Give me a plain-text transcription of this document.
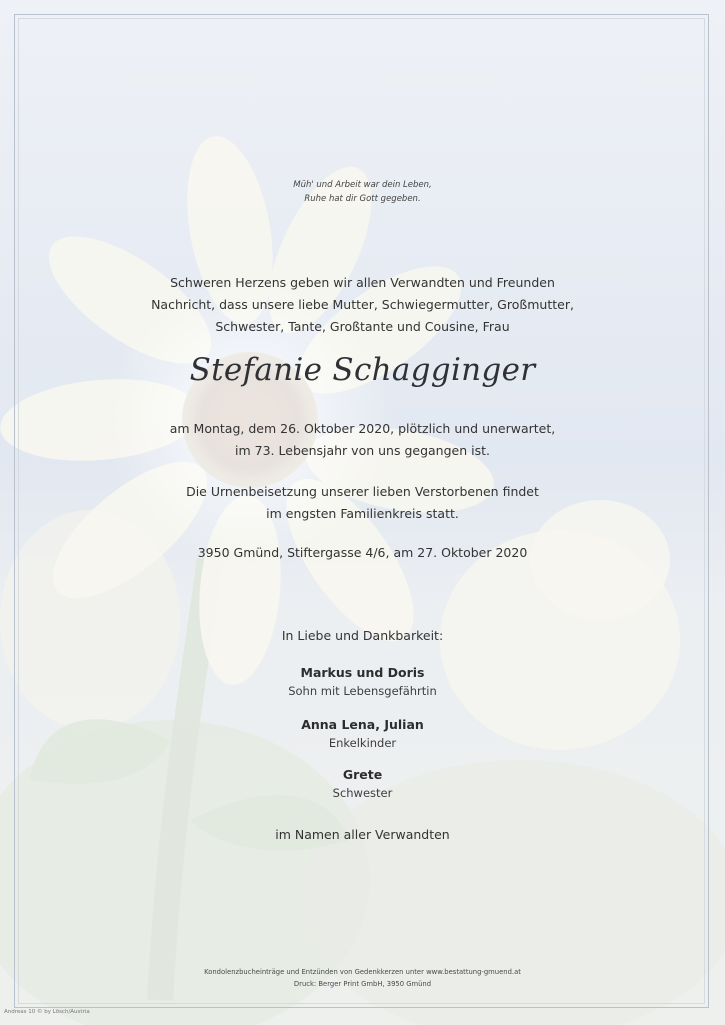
Müh' und Arbeit war dein Leben,
Ruhe hat dir Gott gegeben.
Schweren Herzens geben wir allen Verwandten und Freunden
Nachricht, dass unsere liebe Mutter, Schwiegermutter, Großmutter,
Schwester, Tante, Großtante und Cousine, Frau
Stefanie Schagginger
am Montag, dem 26. Oktober 2020, plötzlich und unerwartet,
im 73. Lebensjahr von uns gegangen ist.
Die Urnenbeisetzung unserer lieben Verstorbenen findet
im engsten Familienkreis statt.
3950 Gmünd, Stiftergasse 4/6, am 27. Oktober 2020
In Liebe und Dankbarkeit:
Markus und Doris
Sohn mit Lebensgefährtin
Anna Lena, Julian
Enkelkinder
Grete
Schwester
im Namen aller Verwandten
Kondolenzbucheinträge und Entzünden von Gedenkkerzen unter www.bestattung-gmuend.at
Druck: Berger Print GmbH, 3950 Gmünd
Andreas 10 © by Lösch/Austria
